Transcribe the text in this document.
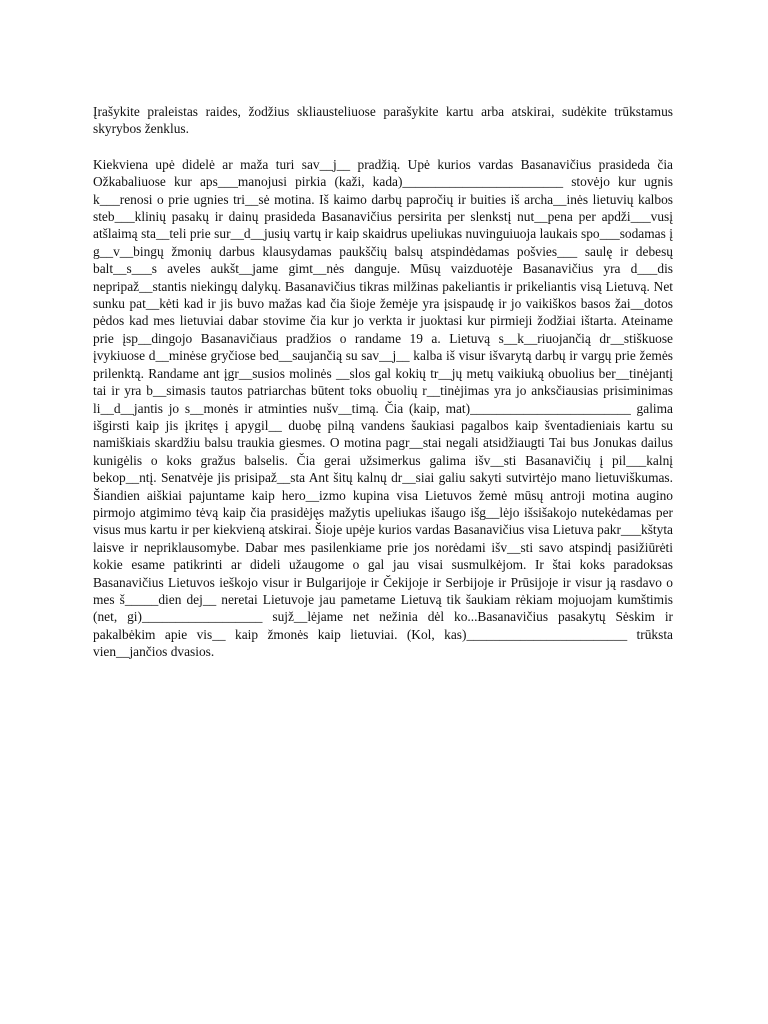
Įrašykite praleistas raides, žodžius skliausteliuose parašykite kartu arba atskirai, sudėkite trūkstamus skyrybos ženklus.

Kiekviena upė didelė ar maža turi sav__j__ pradžią. Upė kurios vardas Basanavičius prasideda čia Ožkabaliuose kur aps___manojusi pirkia (kaži, kada)________________________ stovėjo kur ugnis k___renosi o prie ugnies tri__sė motina. Iš kaimo darbų papročių ir buities iš archa__inės lietuvių kalbos steb___klinių pasakų ir dainų prasideda Basanavičius persirita per slenkstį nut__pena per apdži___vusį atšlaimą sta__teli prie sur__d__jusių vartų ir kaip skaidrus upeliukas nuvinguiuoja laukais spo___sodamas į g__v__bingų žmonių darbus klausydamas paukščių balsų atspindėdamas pošvies___ saulę ir debesų balt__s___s aveles aukšt__jame gimt__nės danguje. Mūsų vaizduotėje Basanavičius yra d___dis nepripaž__stantis niekingų dalykų. Basanavičius tikras milžinas pakeliantis ir prikeliantis visą Lietuvą. Net sunku pat__kėti kad ir jis buvo mažas kad čia šioje žemėje yra įsispaudę ir jo vaikiškos basos žai__dotos pėdos kad mes lietuviai dabar stovime čia kur jo verkta ir juoktasi kur pirmieji žodžiai ištarta. Ateiname prie įsp__dingojo Basanavičiaus pradžios o randame 19 a. Lietuvą s__k__riuojančią dr__stiškuose įvykiuose d__minėse gryčiose bed__saujančią su sav__j__ kalba iš visur išvarytą darbų ir vargų prie žemės prilenktą. Randame ant įgr__susios molinės __slos gal kokių tr__jų metų vaikiuką obuolius ber__tinėjantį tai ir yra b__simasis tautos patriarchas būtent toks obuolių r__tinėjimas yra jo anksčiausias prisiminimas li__d__jantis jo s__monės ir atminties nušv__timą. Čia (kaip, mat)________________________ galima išgirsti kaip jis įkritęs į apygil__ duobę pilną vandens šaukiasi pagalbos kaip šventadieniais kartu su namiškiais skardžiu balsu traukia giesmes. O motina pagr__stai negali atsidžiaugti Tai bus Jonukas dailus kunigėlis o koks gražus balselis. Čia gerai užsimerkus galima išv__sti Basanavičių į pil___kalnį bekop__ntį. Senatvėje jis prisipaž__sta Ant šitų kalnų dr__siai galiu sakyti sutvirtėjo mano lietuviškumas. Šiandien aiškiai pajuntame kaip hero__izmo kupina visa Lietuvos žemė mūsų antroji motina augino pirmojo atgimimo tėvą kaip čia prasidėjęs mažytis upeliukas išaugo išg__lėjo išsišakojo nutekėdamas per visus mus kartu ir per kiekvieną atskirai. Šioje upėje kurios vardas Basanavičius visa Lietuva pakr___kštyta laisve ir nepriklausomybe. Dabar mes pasilenkiame prie jos norėdami išv__sti savo atspindį pasižiūrėti kokie esame patikrinti ar dideli užaugome o gal jau visai susmulkėjom. Ir štai koks paradoksas Basanavičius Lietuvos ieškojo visur ir Bulgarijoje ir Čekijoje ir Serbijoje ir Prūsijoje ir visur ją rasdavo o mes š_____dien dej__ neretai Lietuvoje jau pametame Lietuvą tik šaukiam rėkiam mojuojam kumštimis (net, gi)__________________ sujž__lėjame net nežinia dėl ko...Basanavičius pasakytų Sėskim ir pakalbėkim apie vis__ kaip žmonės kaip lietuviai. (Kol, kas)________________________ trūksta vien__jančios dvasios.
